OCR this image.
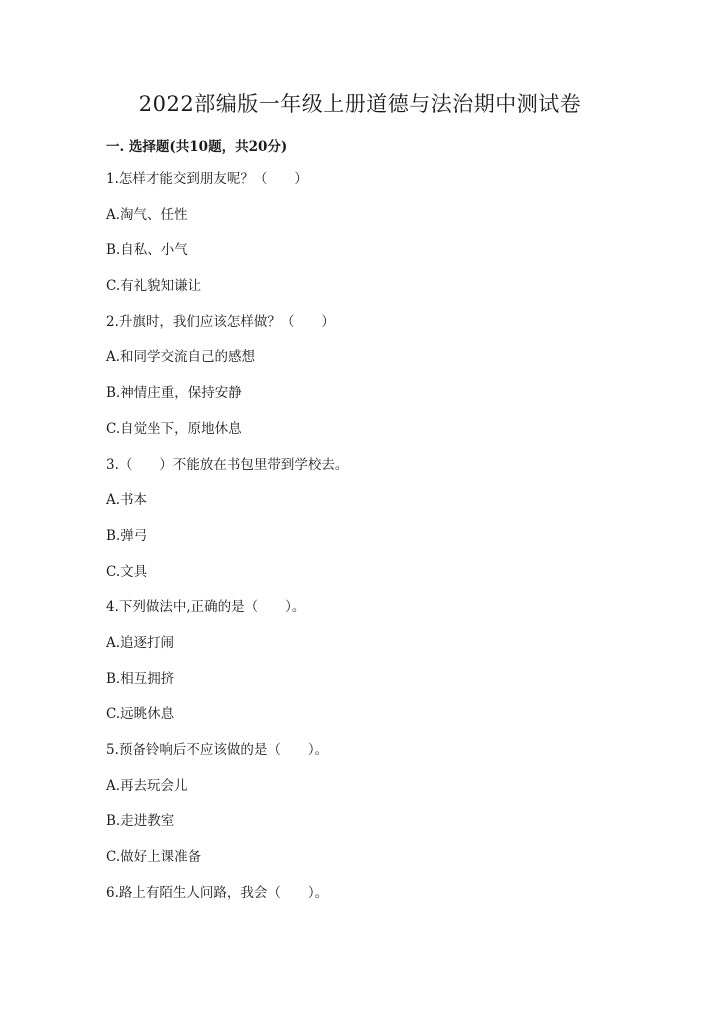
2022部编版一年级上册道德与法治期中测试卷
一. 选择题(共10题，共20分)
1.怎样才能交到朋友呢？（　　）
A.淘气、任性
B.自私、小气
C.有礼貌知谦让
2.升旗时，我们应该怎样做？（　　）
A.和同学交流自己的感想
B.神情庄重，保持安静
C.自觉坐下，原地休息
3.（　　）不能放在书包里带到学校去。
A.书本
B.弹弓
C.文具
4.下列做法中,正确的是（　　）。
A.追逐打闹
B.相互拥挤
C.远眺休息
5.预备铃响后不应该做的是（　　）。
A.再去玩会儿
B.走进教室
C.做好上课准备
6.路上有陌生人问路，我会（　　）。
